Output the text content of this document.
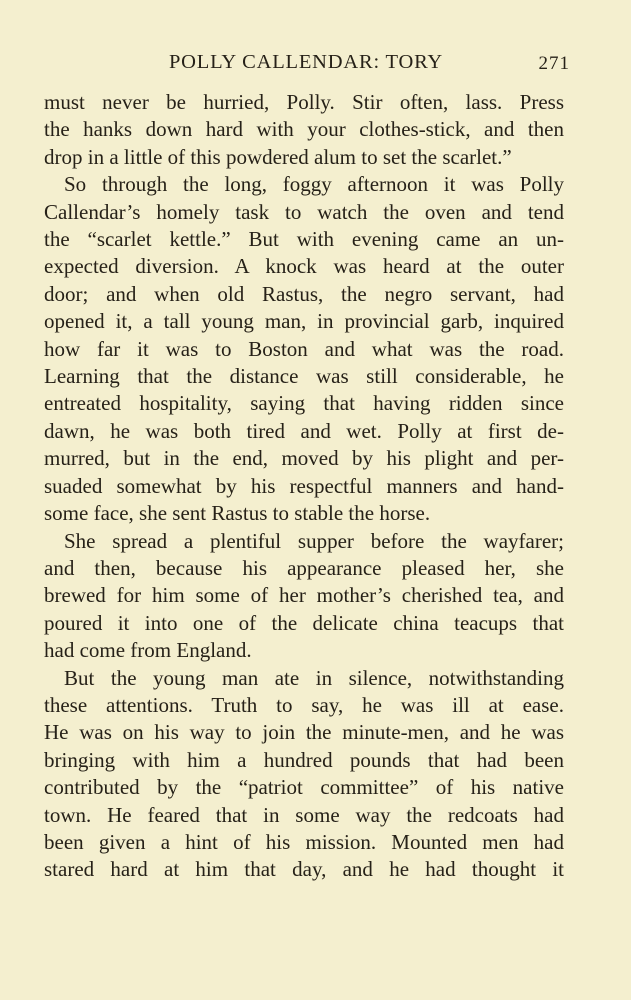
POLLY CALLENDAR: TORY	271

must never be hurried, Polly. Stir often, lass. Press
the hanks down hard with your clothes-stick, and then
drop in a little of this powdered alum to set the scarlet.”

So through the long, foggy afternoon it was Polly
Callendar’s homely task to watch the oven and tend
the “scarlet kettle.” But with evening came an un-
expected diversion. A knock was heard at the outer
door; and when old Rastus, the negro servant, had
opened it, a tall young man, in provincial garb, inquired
how far it was to Boston and what was the road.
Learning that the distance was still considerable, he
entreated hospitality, saying that having ridden since
dawn, he was both tired and wet. Polly at first de-
murred, but in the end, moved by his plight and per-
suaded somewhat by his respectful manners and hand-
some face, she sent Rastus to stable the horse.

She spread a plentiful supper before the wayfarer;
and then, because his appearance pleased her, she
brewed for him some of her mother’s cherished tea, and
poured it into one of the delicate china teacups that
had come from England.

But the young man ate in silence, notwithstanding
these attentions. Truth to say, he was ill at ease.
He was on his way to join the minute-men, and he was
bringing with him a hundred pounds that had been
contributed by the “patriot committee” of his native
town. He feared that in some way the redcoats had
been given a hint of his mission. Mounted men had
stared hard at him that day, and he had thought it
